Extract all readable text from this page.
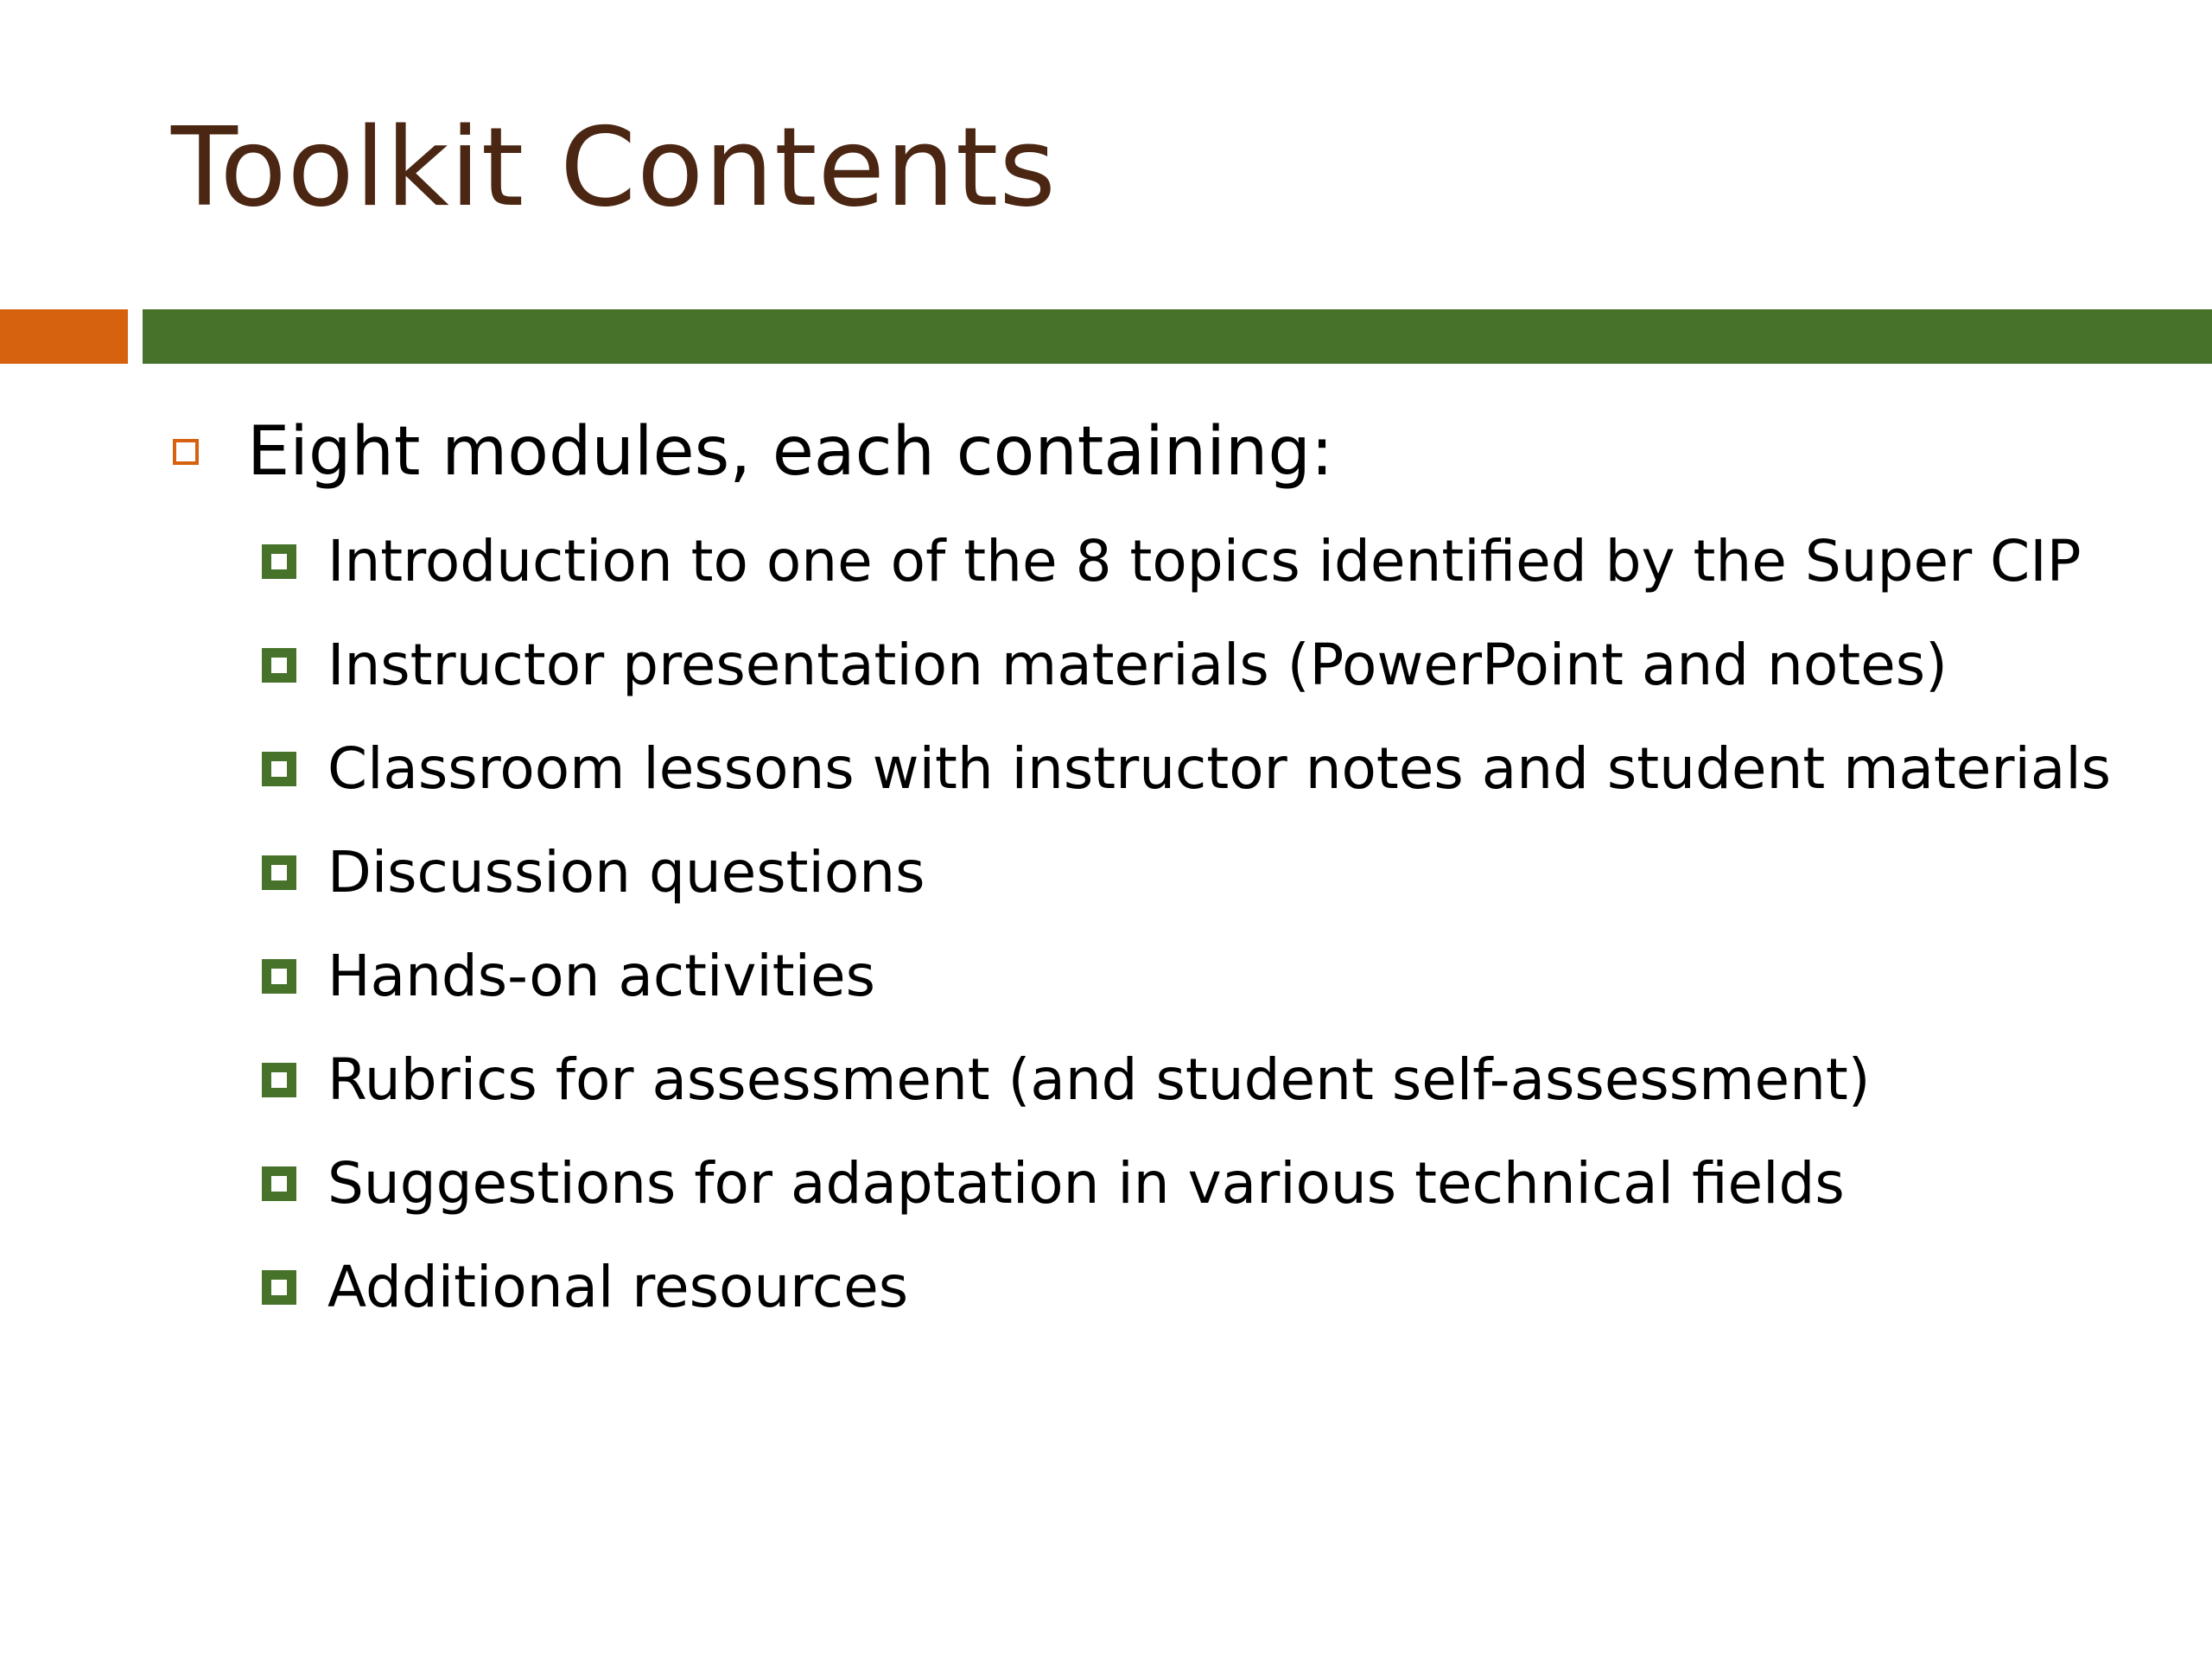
Toolkit Contents
Eight modules, each containing:
Introduction to one of the 8 topics identified by the Super CIP
Instructor presentation materials (PowerPoint and notes)
Classroom lessons with instructor notes and student materials
Discussion questions
Hands-on activities
Rubrics for assessment (and student self-assessment)
Suggestions for adaptation in various technical fields
Additional resources
